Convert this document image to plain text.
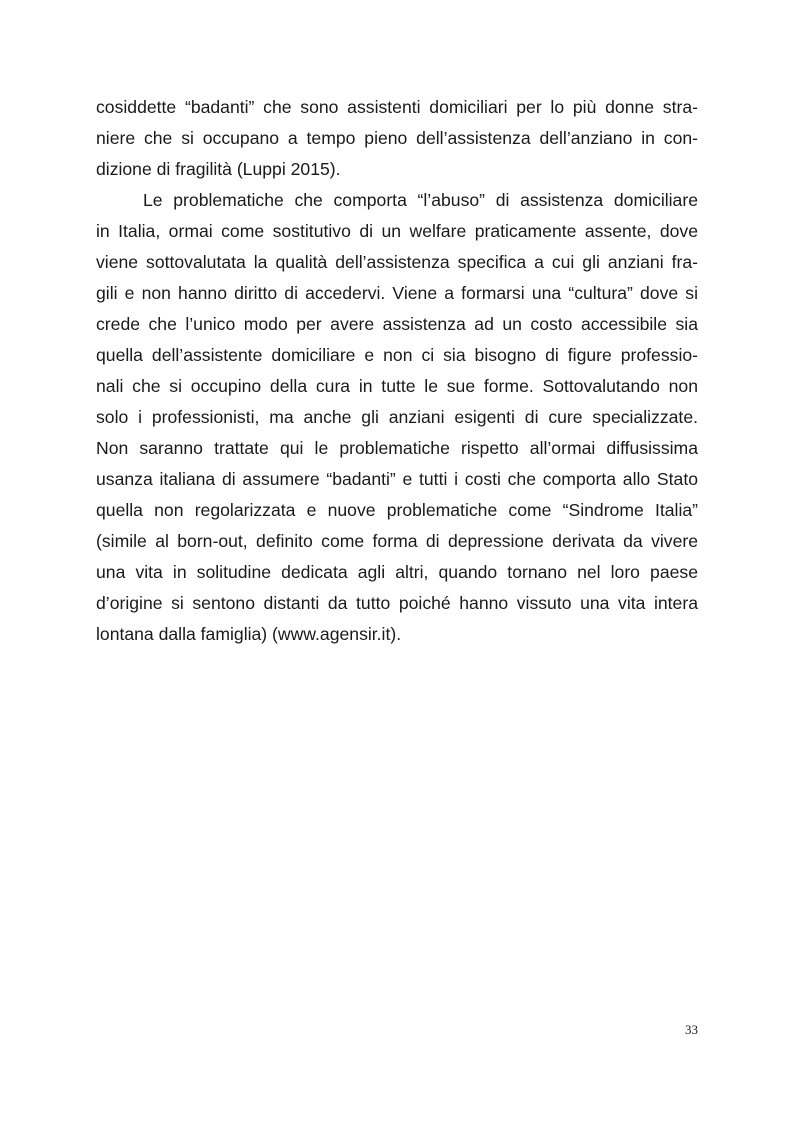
cosiddette “badanti” che sono assistenti domiciliari per lo più donne stra-
niere che si occupano a tempo pieno dell’assistenza dell’anziano in con-
dizione di fragilità (Luppi 2015).
Le problematiche che comporta “l’abuso” di assistenza domiciliare
in Italia, ormai come sostitutivo di un welfare praticamente assente, dove
viene sottovalutata la qualità dell’assistenza specifica a cui gli anziani fra-
gili e non hanno diritto di accedervi. Viene a formarsi una “cultura” dove si
crede che l’unico modo per avere assistenza ad un costo accessibile sia
quella dell’assistente domiciliare e non ci sia bisogno di figure professio-
nali che si occupino della cura in tutte le sue forme. Sottovalutando non
solo i professionisti, ma anche gli anziani esigenti di cure specializzate.
Non saranno trattate qui le problematiche rispetto all’ormai diffusissima
usanza italiana di assumere “badanti” e tutti i costi che comporta allo Stato
quella non regolarizzata e nuove problematiche come “Sindrome Italia”
(simile al born-out, definito come forma di depressione derivata da vivere
una vita in solitudine dedicata agli altri, quando tornano nel loro paese
d’origine si sentono distanti da tutto poiché hanno vissuto una vita intera
lontana dalla famiglia) (www.agensir.it).
33
